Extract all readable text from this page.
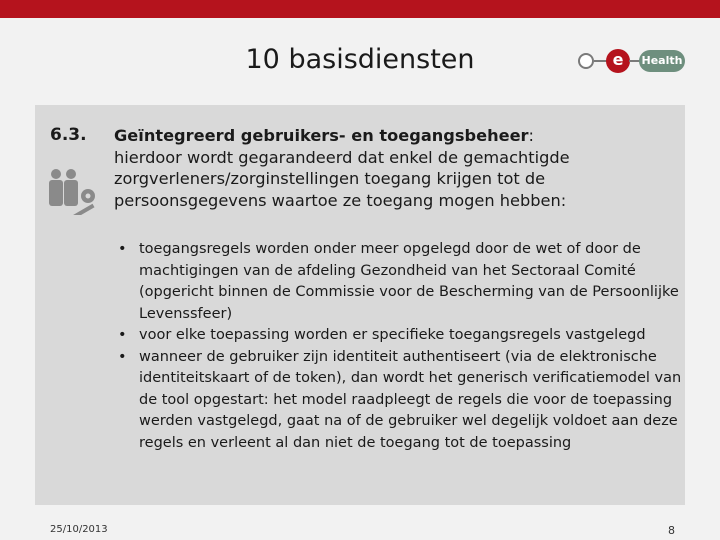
10 basisdiensten	e	Health
6.3. Geïntegreerd gebruikers- en toegangsbeheer:
hierdoor wordt gegarandeerd dat enkel de gemachtigde zorgverleners/zorginstellingen toegang krijgen tot de persoonsgegevens waartoe ze toegang mogen hebben:
• toegangsregels worden onder meer opgelegd door de wet of door de machtigingen van de afdeling Gezondheid van het Sectoraal Comité (opgericht binnen de Commissie voor de Bescherming van de Persoonlijke Levenssfeer)
• voor elke toepassing worden er specifieke toegangsregels vastgelegd
• wanneer de gebruiker zijn identiteit authentiseert (via de elektronische identiteitskaart of de token), dan wordt het generisch verificatiemodel van de tool opgestart: het model raadpleegt de regels die voor de toepassing werden vastgelegd, gaat na of de gebruiker wel degelijk voldoet aan deze regels en verleent al dan niet de toegang tot de toepassing
25/10/2013	8
